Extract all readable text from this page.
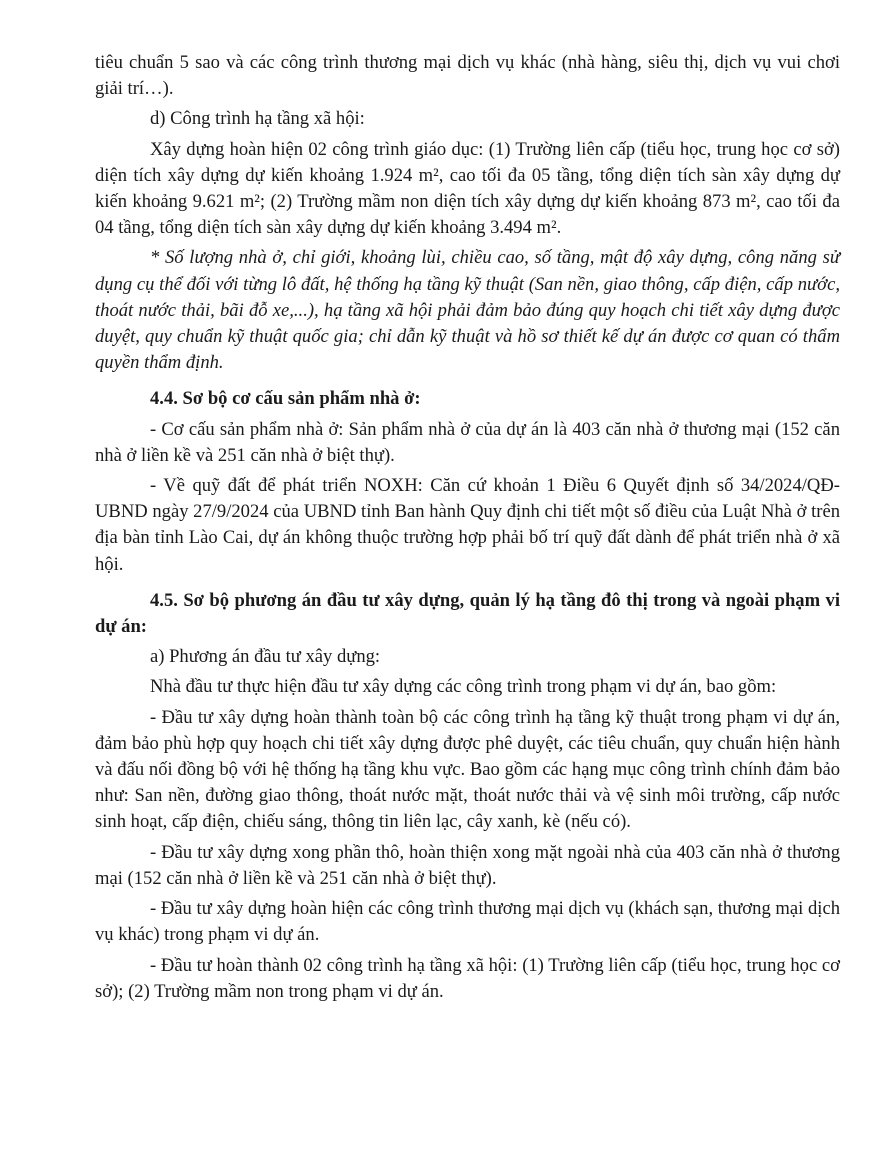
tiêu chuẩn 5 sao và các công trình thương mại dịch vụ khác (nhà hàng, siêu thị, dịch vụ vui chơi giải trí…).

d) Công trình hạ tầng xã hội:

Xây dựng hoàn hiện 02 công trình giáo dục: (1) Trường liên cấp (tiểu học, trung học cơ sở) diện tích xây dựng dự kiến khoảng 1.924 m², cao tối đa 05 tầng, tổng diện tích sàn xây dựng dự kiến khoảng 9.621 m²; (2) Trường mầm non diện tích xây dựng dự kiến khoảng 873 m², cao tối đa 04 tầng, tổng diện tích sàn xây dựng dự kiến khoảng 3.494 m².

* Số lượng nhà ở, chỉ giới, khoảng lùi, chiều cao, số tầng, mật độ xây dựng, công năng sử dụng cụ thể đối với từng lô đất, hệ thống hạ tầng kỹ thuật (San nền, giao thông, cấp điện, cấp nước, thoát nước thải, bãi đỗ xe,...), hạ tầng xã hội phải đảm bảo đúng quy hoạch chi tiết xây dựng được duyệt, quy chuẩn kỹ thuật quốc gia; chỉ dẫn kỹ thuật và hồ sơ thiết kế dự án được cơ quan có thẩm quyền thẩm định.

4.4. Sơ bộ cơ cấu sản phẩm nhà ở:

- Cơ cấu sản phẩm nhà ở: Sản phẩm nhà ở của dự án là 403 căn nhà ở thương mại (152 căn nhà ở liền kề và 251 căn nhà ở biệt thự).

- Về quỹ đất để phát triển NOXH: Căn cứ khoản 1 Điều 6 Quyết định số 34/2024/QĐ-UBND ngày 27/9/2024 của UBND tỉnh Ban hành Quy định chi tiết một số điều của Luật Nhà ở trên địa bàn tỉnh Lào Cai, dự án không thuộc trường hợp phải bố trí quỹ đất dành để phát triển nhà ở xã hội.

4.5. Sơ bộ phương án đầu tư xây dựng, quản lý hạ tầng đô thị trong và ngoài phạm vi dự án:

a) Phương án đầu tư xây dựng:

Nhà đầu tư thực hiện đầu tư xây dựng các công trình trong phạm vi dự án, bao gồm:

- Đầu tư xây dựng hoàn thành toàn bộ các công trình hạ tầng kỹ thuật trong phạm vi dự án, đảm bảo phù hợp quy hoạch chi tiết xây dựng được phê duyệt, các tiêu chuẩn, quy chuẩn hiện hành và đấu nối đồng bộ với hệ thống hạ tầng khu vực. Bao gồm các hạng mục công trình chính đảm bảo như: San nền, đường giao thông, thoát nước mặt, thoát nước thải và vệ sinh môi trường, cấp nước sinh hoạt, cấp điện, chiếu sáng, thông tin liên lạc, cây xanh, kè (nếu có).

- Đầu tư xây dựng xong phần thô, hoàn thiện xong mặt ngoài nhà của 403 căn nhà ở thương mại (152 căn nhà ở liền kề và 251 căn nhà ở biệt thự).

- Đầu tư xây dựng hoàn hiện các công trình thương mại dịch vụ (khách sạn, thương mại dịch vụ khác) trong phạm vi dự án.

- Đầu tư hoàn thành 02 công trình hạ tầng xã hội: (1) Trường liên cấp (tiểu học, trung học cơ sở); (2) Trường mầm non trong phạm vi dự án.
